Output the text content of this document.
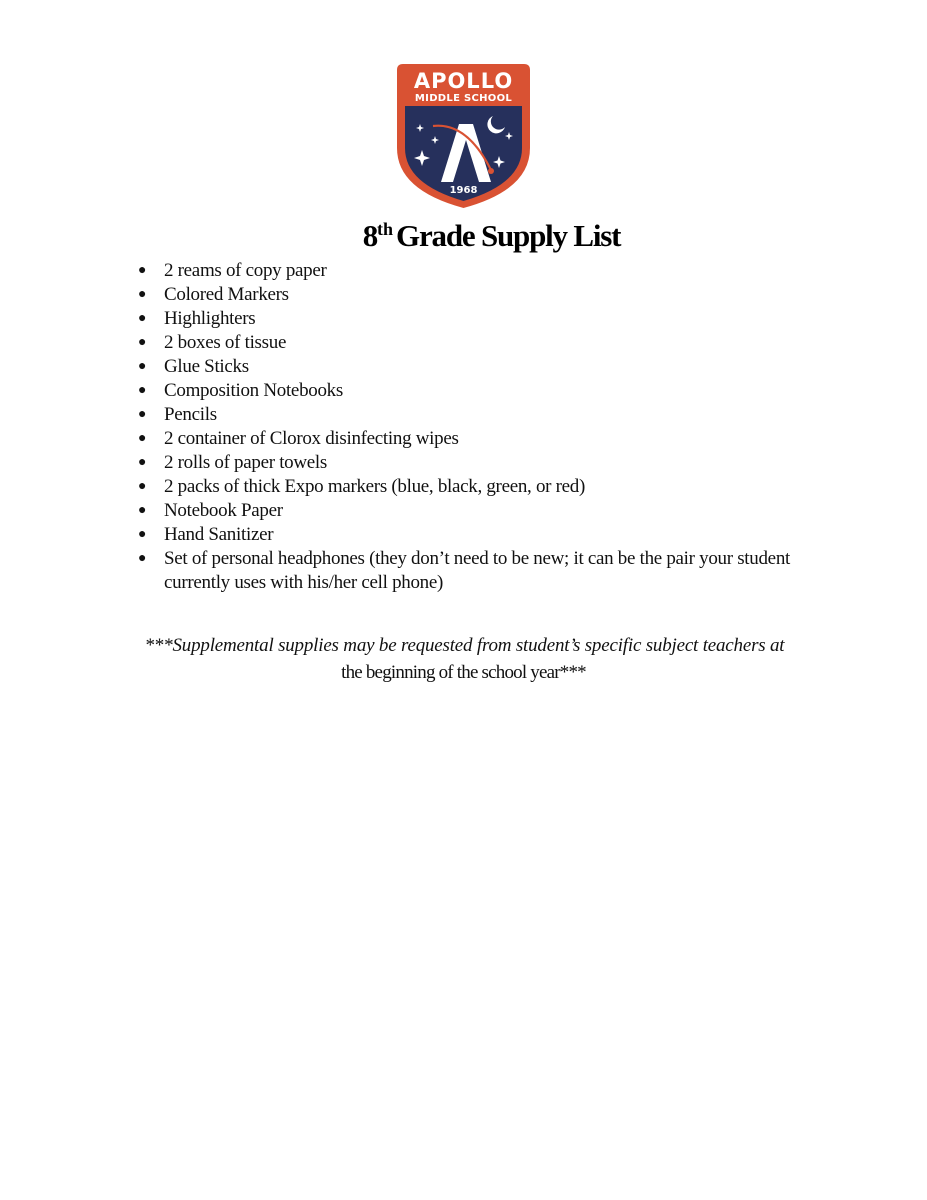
APOLLO
MIDDLE SCHOOL
1968
8thGrade Supply List
● 2 reams of copy paper
● Colored Markers
● Highlighters
● 2 boxes of tissue
● Glue Sticks
● Composition Notebooks
● Pencils
● 2 container of Clorox disinfecting wipes
● 2 rolls of paper towels
● 2 packs of thick Expo markers (blue, black, green, or red)
● Notebook Paper
● Hand Sanitizer
● Set of personal headphones (they don’t need to be new; it can be the pair your student currently uses with his/her cell phone)
***Supplemental supplies may be requested from student’s specific subject teachers at
the beginning of the school year***
